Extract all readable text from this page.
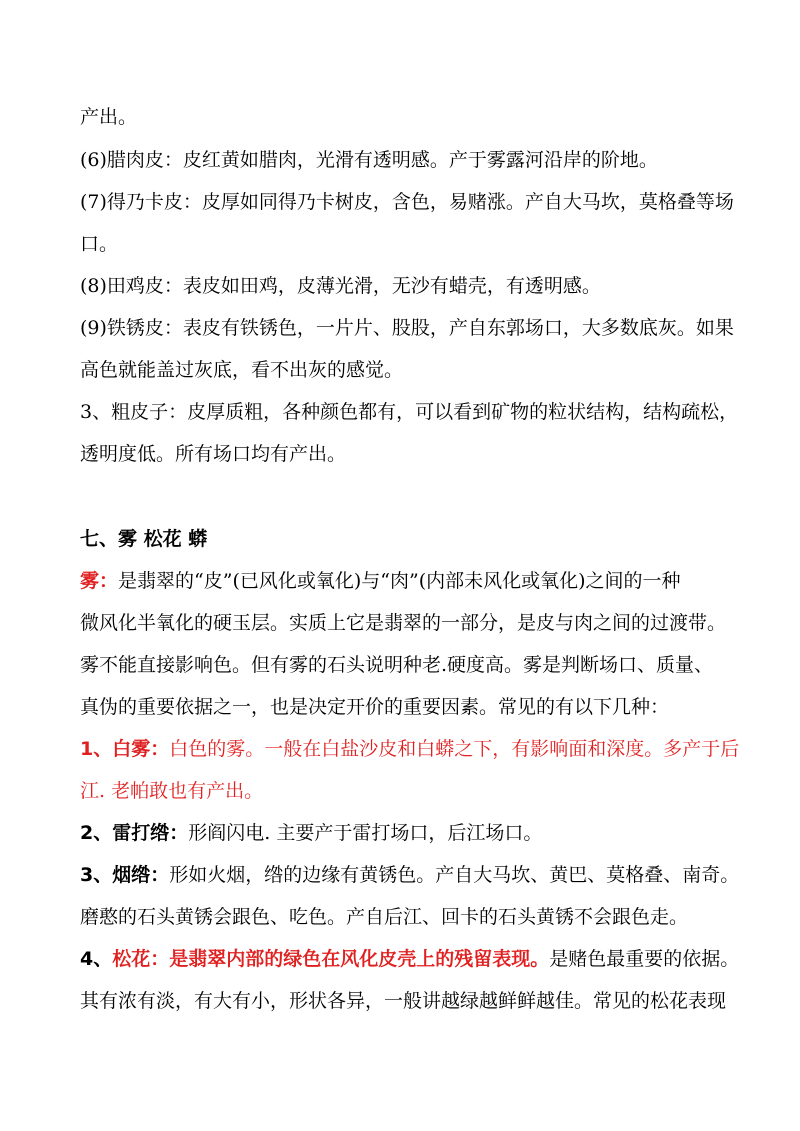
产出。
(6)腊肉皮：皮红黄如腊肉，光滑有透明感。产于雾露河沿岸的阶地。
(7)得乃卡皮：皮厚如同得乃卡树皮，含色，易赌涨。产自大马坎，莫格叠等场
口。
(8)田鸡皮：表皮如田鸡，皮薄光滑，无沙有蜡壳，有透明感。
(9)铁锈皮：表皮有铁锈色，一片片、股股，产自东郭场口，大多数底灰。如果
高色就能盖过灰底，看不出灰的感觉。
3、粗皮子：皮厚质粗，各种颜色都有，可以看到矿物的粒状结构，结构疏松，
透明度低。所有场口均有产出。
七、雾 松花 蟒
雾：是翡翠的“皮”(已风化或氧化)与“肉”(内部未风化或氧化)之间的一种
微风化半氧化的硬玉层。实质上它是翡翠的一部分，是皮与肉之间的过渡带。
雾不能直接影响色。但有雾的石头说明种老.硬度高。雾是判断场口、质量、
真伪的重要依据之一，也是决定开价的重要因素。常见的有以下几种：
1、白雾：白色的雾。一般在白盐沙皮和白蟒之下，有影响面和深度。多产于后
江. 老帕敢也有产出。
2、雷打绺：形阎闪电. 主要产于雷打场口，后江场口。
3、烟绺：形如火烟，绺的边缘有黄锈色。产自大马坎、黄巴、莫格叠、南奇。
磨憨的石头黄锈会跟色、吃色。产自后江、回卡的石头黄锈不会跟色走。
4、松花：是翡翠内部的绿色在风化皮壳上的残留表现。是赌色最重要的依据。
其有浓有淡，有大有小，形状各异，一般讲越绿越鲜鲜越佳。常见的松花表现
